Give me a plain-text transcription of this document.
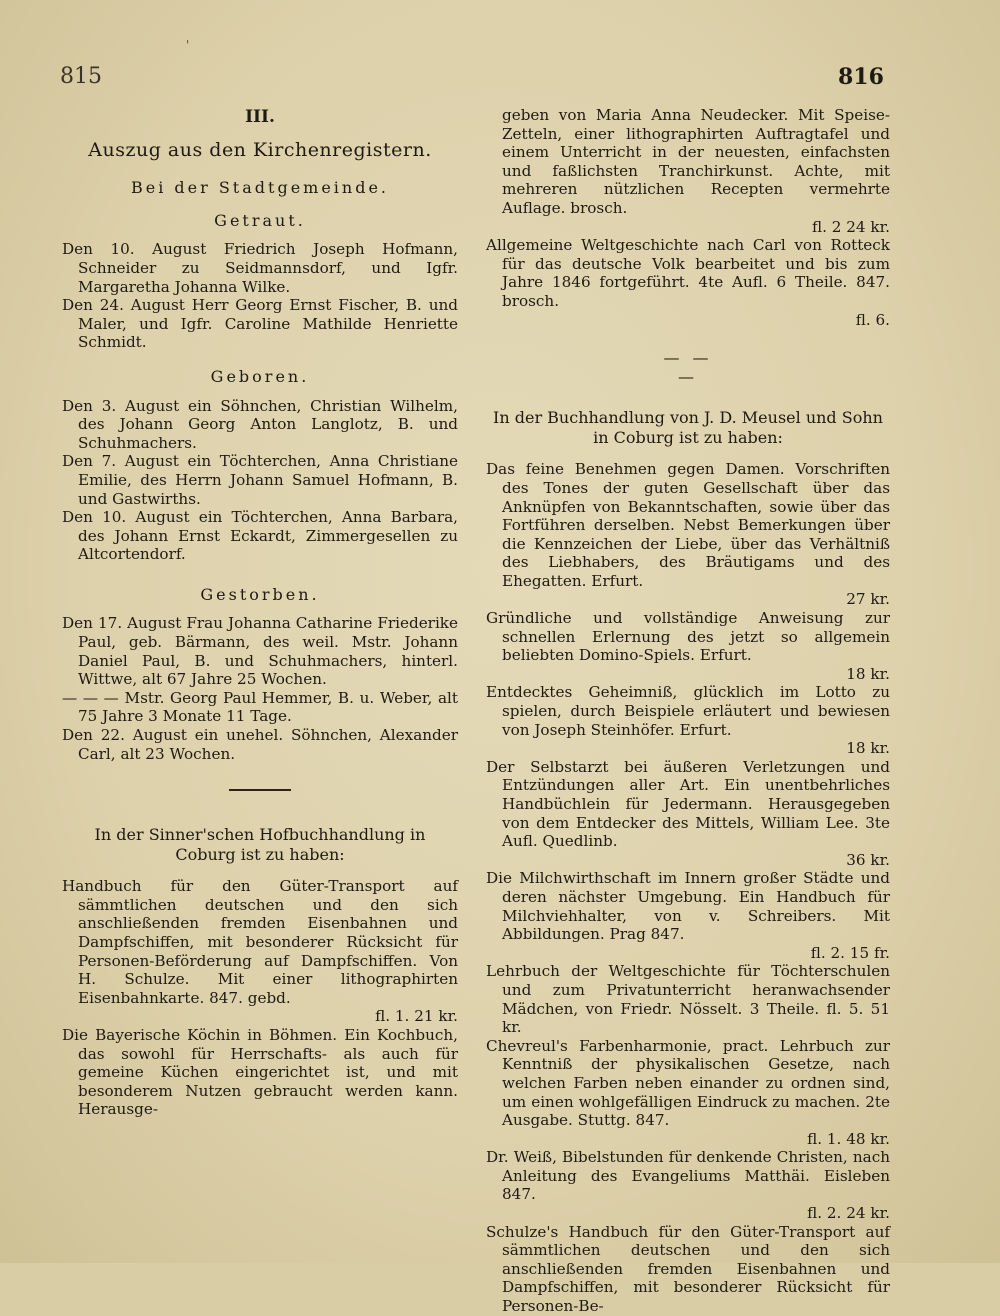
'
815	816
III.
Auszug aus den Kirchenregistern.
Bei der Stadtgemeinde.
Getraut.

Den 10. August Friedrich Joseph Hofmann, Schneider zu Seidmannsdorf, und Igfr. Margaretha Johanna Wilke.

Den 24. August Herr Georg Ernst Fischer, B. und Maler, und Igfr. Caroline Mathilde Henriette Schmidt.

Geboren.

Den 3. August ein Söhnchen, Christian Wilhelm, des Johann Georg Anton Langlotz, B. und Schuhmachers.

Den 7. August ein Töchterchen, Anna Christiane Emilie, des Herrn Johann Samuel Hofmann, B. und Gastwirths.

Den 10. August ein Töchterchen, Anna Barbara, des Johann Ernst Eckardt, Zimmergesellen zu Altcortendorf.

Gestorben.

Den 17. August Frau Johanna Catharine Friederike Paul, geb. Bärmann, des weil. Mstr. Johann Daniel Paul, B. und Schuhmachers, hinterl. Wittwe, alt 67 Jahre 25 Wochen.

— — — Mstr. Georg Paul Hemmer, B. u. Weber, alt 75 Jahre 3 Monate 11 Tage.

Den 22. August ein unehel. Söhnchen, Alexander Carl, alt 23 Wochen.

In der Sinner'schen Hofbuchhandlung in Coburg ist zu haben:

Handbuch für den Güter-Transport auf sämmtlichen deutschen und den sich anschließenden fremden Eisenbahnen und Dampfschiffen, mit besonderer Rücksicht für Personen-Beförderung auf Dampfschiffen. Von H. Schulze. Mit einer lithographirten Eisenbahnkarte. 847. gebd.

fl. 1. 21 kr.

Die Bayerische Köchin in Böhmen. Ein Kochbuch, das sowohl für Herrschafts- als auch für gemeine Küchen eingerichtet ist, und mit besonderem Nutzen gebraucht werden kann. Herausge-

geben von Maria Anna Neudecker. Mit Speise-Zetteln, einer lithographirten Auftragtafel und einem Unterricht in der neuesten, einfachsten und faßlichsten Tranchirkunst. Achte, mit mehreren nützlichen Recepten vermehrte Auflage. brosch.

fl. 2 24 kr.

Allgemeine Weltgeschichte nach Carl von Rotteck für das deutsche Volk bearbeitet und bis zum Jahre 1846 fortgeführt. 4te Aufl. 6 Theile. 847. brosch.

fl. 6.

— — —

In der Buchhandlung von J. D. Meusel und Sohn in Coburg ist zu haben:

Das feine Benehmen gegen Damen. Vorschriften des Tones der guten Gesellschaft über das Anknüpfen von Bekanntschaften, sowie über das Fortführen derselben. Nebst Bemerkungen über die Kennzeichen der Liebe, über das Verhältniß des Liebhabers, des Bräutigams und des Ehegatten. Erfurt.

27 kr.

Gründliche und vollständige Anweisung zur schnellen Erlernung des jetzt so allgemein beliebten Domino-Spiels. Erfurt.

18 kr.

Entdecktes Geheimniß, glücklich im Lotto zu spielen, durch Beispiele erläutert und bewiesen von Joseph Steinhöfer. Erfurt.

18 kr.

Der Selbstarzt bei äußeren Verletzungen und Entzündungen aller Art. Ein unentbehrliches Handbüchlein für Jedermann. Herausgegeben von dem Entdecker des Mittels, William Lee. 3te Aufl. Quedlinb.

36 kr.

Die Milchwirthschaft im Innern großer Städte und deren nächster Umgebung. Ein Handbuch für Milchviehhalter, von v. Schreibers. Mit Abbildungen. Prag 847.

fl. 2. 15 fr.

Lehrbuch der Weltgeschichte für Töchterschulen und zum Privatunterricht heranwachsender Mädchen, von Friedr. Nösselt. 3 Theile. fl. 5. 51 kr.

Chevreul's Farbenharmonie, pract. Lehrbuch zur Kenntniß der physikalischen Gesetze, nach welchen Farben neben einander zu ordnen sind, um einen wohlgefälligen Eindruck zu machen. 2te Ausgabe. Stuttg. 847.

fl. 1. 48 kr.

Dr. Weiß, Bibelstunden für denkende Christen, nach Anleitung des Evangeliums Matthäi. Eisleben 847.

fl. 2. 24 kr.

Schulze's Handbuch für den Güter-Transport auf sämmtlichen deutschen und den sich anschließenden fremden Eisenbahnen und Dampfschiffen, mit besonderer Rücksicht für Personen-Be-
